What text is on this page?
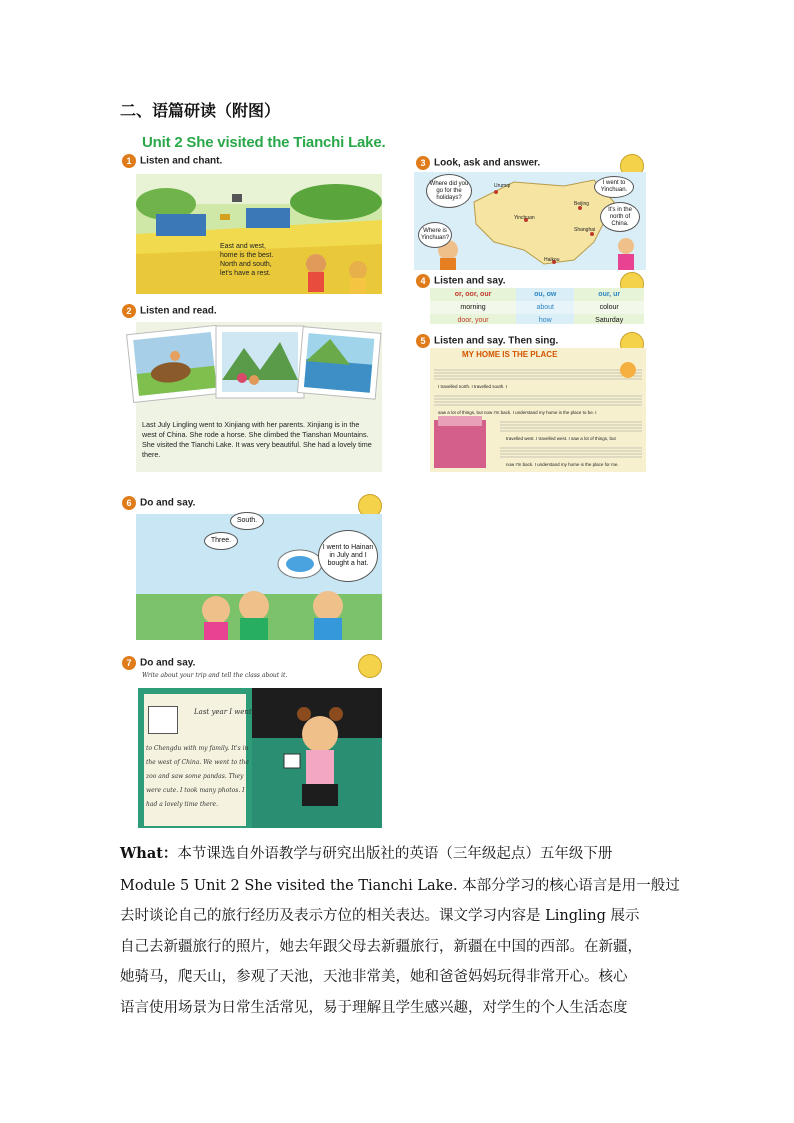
二、语篇研读（附图）
Unit 2 She visited the Tianchi Lake.
1 Listen and chant.
East and west,
home is the best.
North and south,
let's have a rest.
2 Listen and read.
Last July Lingling went to Xinjiang with her parents. Xinjiang is in the west of China. She rode a horse. She climbed the Tianshan Mountains. She visited the Tianchi Lake. It was very beautiful. She had a lovely time there.
3 Look, ask and answer.
Urumqi
Yinchuan
Beijing
Shanghai
Haikou
Where did you go for the holidays?
I went to Yinchuan.
Where is Yinchuan?
It's in the north of China.
4 Listen and say.
or, oor, our	ou, ow	our, ur
morning	about	colour
door, your	how	Saturday
5 Listen and say. Then sing.
MY HOME IS THE PLACE
I travelled north. I travelled south. I
saw a lot of things, but now I'm back. I understand my home is the place to be. I
travelled west. I travelled west. I saw a lot of things, but
now I'm back. I understand my home is the place for me.
6 Do and say.
South.
Three.
I went to Hainan in July and I bought a hat.
7 Do and say.
Write about your trip and tell the class about it.
Last year I went
to Chengdu with my family. It's in
the west of China. We went to the
zoo and saw some pandas. They
were cute. I took many photos. I
had a lovely time there.
What：本节课选自外语教学与研究出版社的英语（三年级起点）五年级下册
Module 5 Unit 2 She visited the Tianchi Lake. 本部分学习的核心语言是用一般过
去时谈论自己的旅行经历及表示方位的相关表达。课文学习内容是 Lingling 展示
自己去新疆旅行的照片，她去年跟父母去新疆旅行，新疆在中国的西部。在新疆，
她骑马，爬天山，参观了天池，天池非常美，她和爸爸妈妈玩得非常开心。核心
语言使用场景为日常生活常见，易于理解且学生感兴趣，对学生的个人生活态度
